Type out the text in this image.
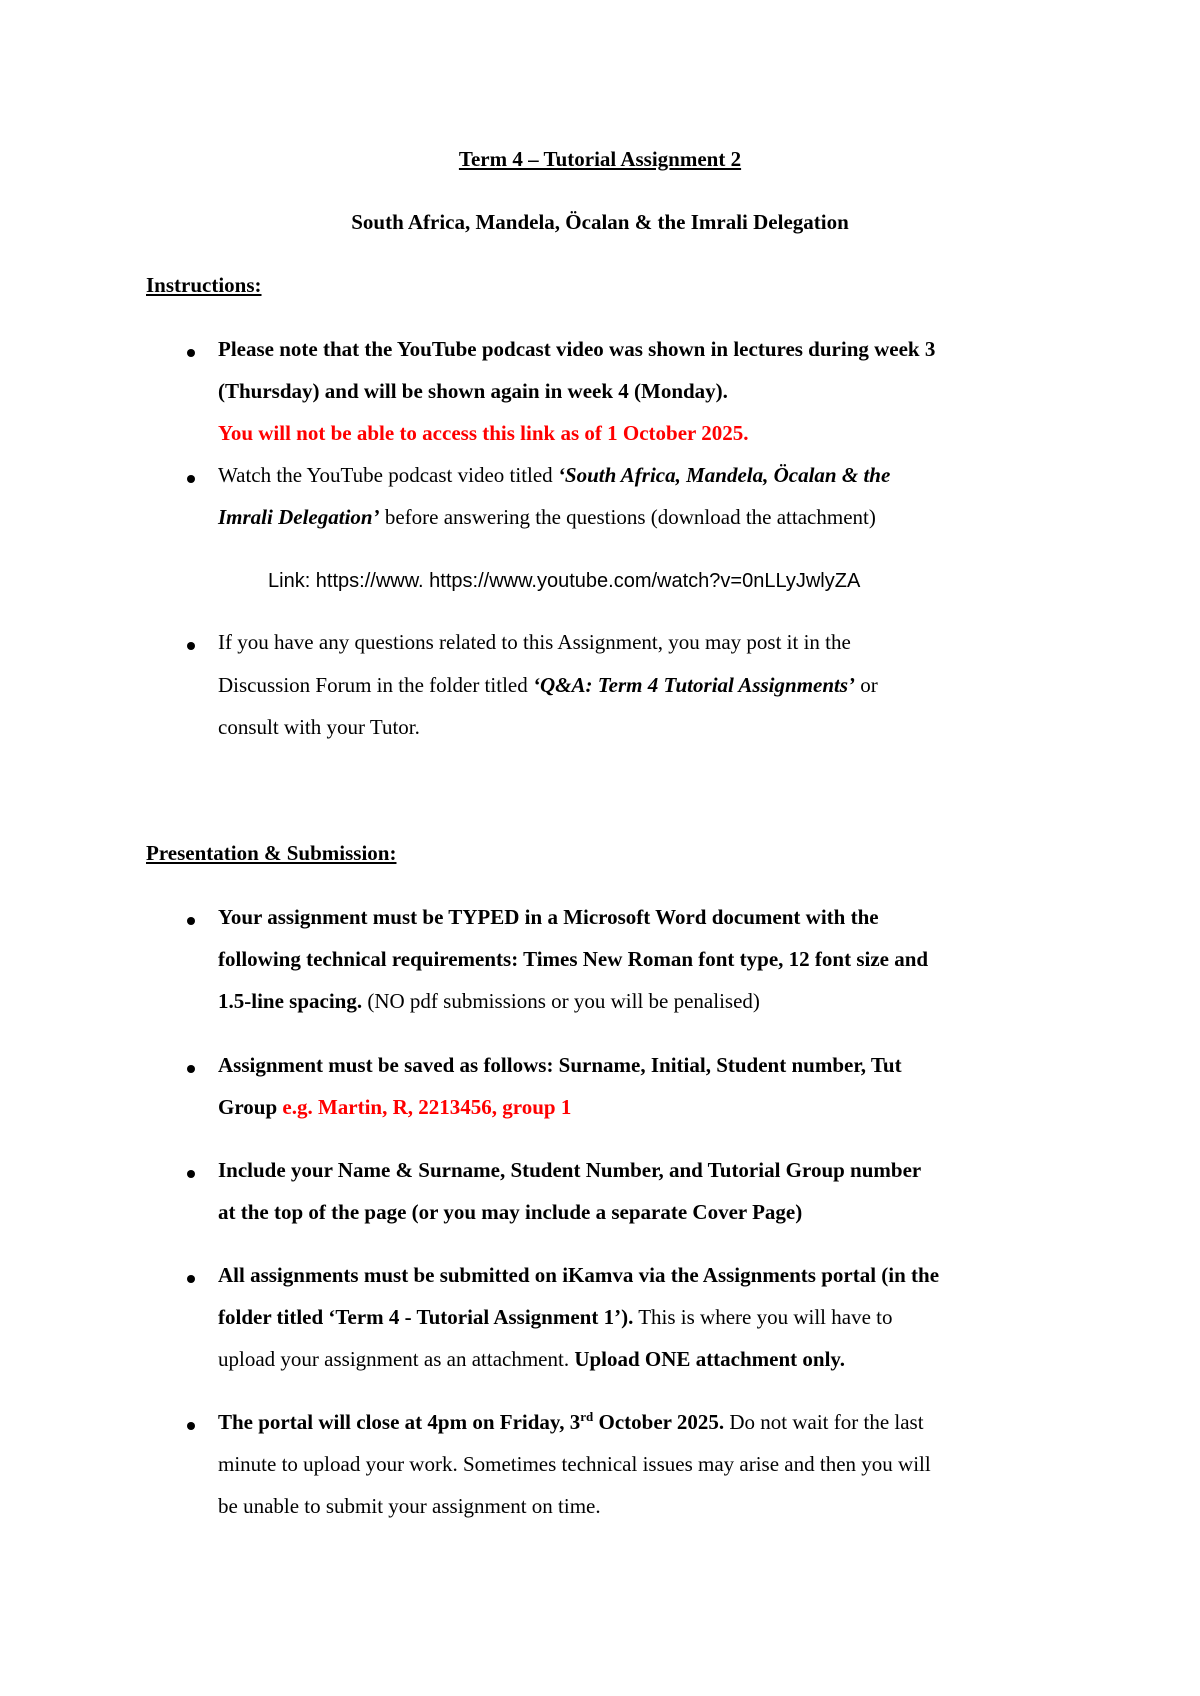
Term 4 – Tutorial Assignment 2
South Africa, Mandela, Öcalan & the Imrali Delegation
Instructions:
Please note that the YouTube podcast video was shown in lectures during week 3
(Thursday) and will be shown again in week 4 (Monday).
You will not be able to access this link as of 1 October 2025.
Watch the YouTube podcast video titled ‘South Africa, Mandela, Öcalan & the
Imrali Delegation’ before answering the questions (download the attachment)
Link: https://www. https://www.youtube.com/watch?v=0nLLyJwlyZA
If you have any questions related to this Assignment, you may post it in the
Discussion Forum in the folder titled ‘Q&A: Term 4 Tutorial Assignments’ or
consult with your Tutor.
Presentation & Submission:
Your assignment must be TYPED in a Microsoft Word document with the
following technical requirements: Times New Roman font type, 12 font size and
1.5-line spacing. (NO pdf submissions or you will be penalised)
Assignment must be saved as follows: Surname, Initial, Student number, Tut
Group e.g. Martin, R, 2213456, group 1
Include your Name & Surname, Student Number, and Tutorial Group number
at the top of the page (or you may include a separate Cover Page)
All assignments must be submitted on iKamva via the Assignments portal (in the
folder titled ‘Term 4 - Tutorial Assignment 1’). This is where you will have to
upload your assignment as an attachment. Upload ONE attachment only.
The portal will close at 4pm on Friday, 3rd October 2025. Do not wait for the last
minute to upload your work. Sometimes technical issues may arise and then you will
be unable to submit your assignment on time.
